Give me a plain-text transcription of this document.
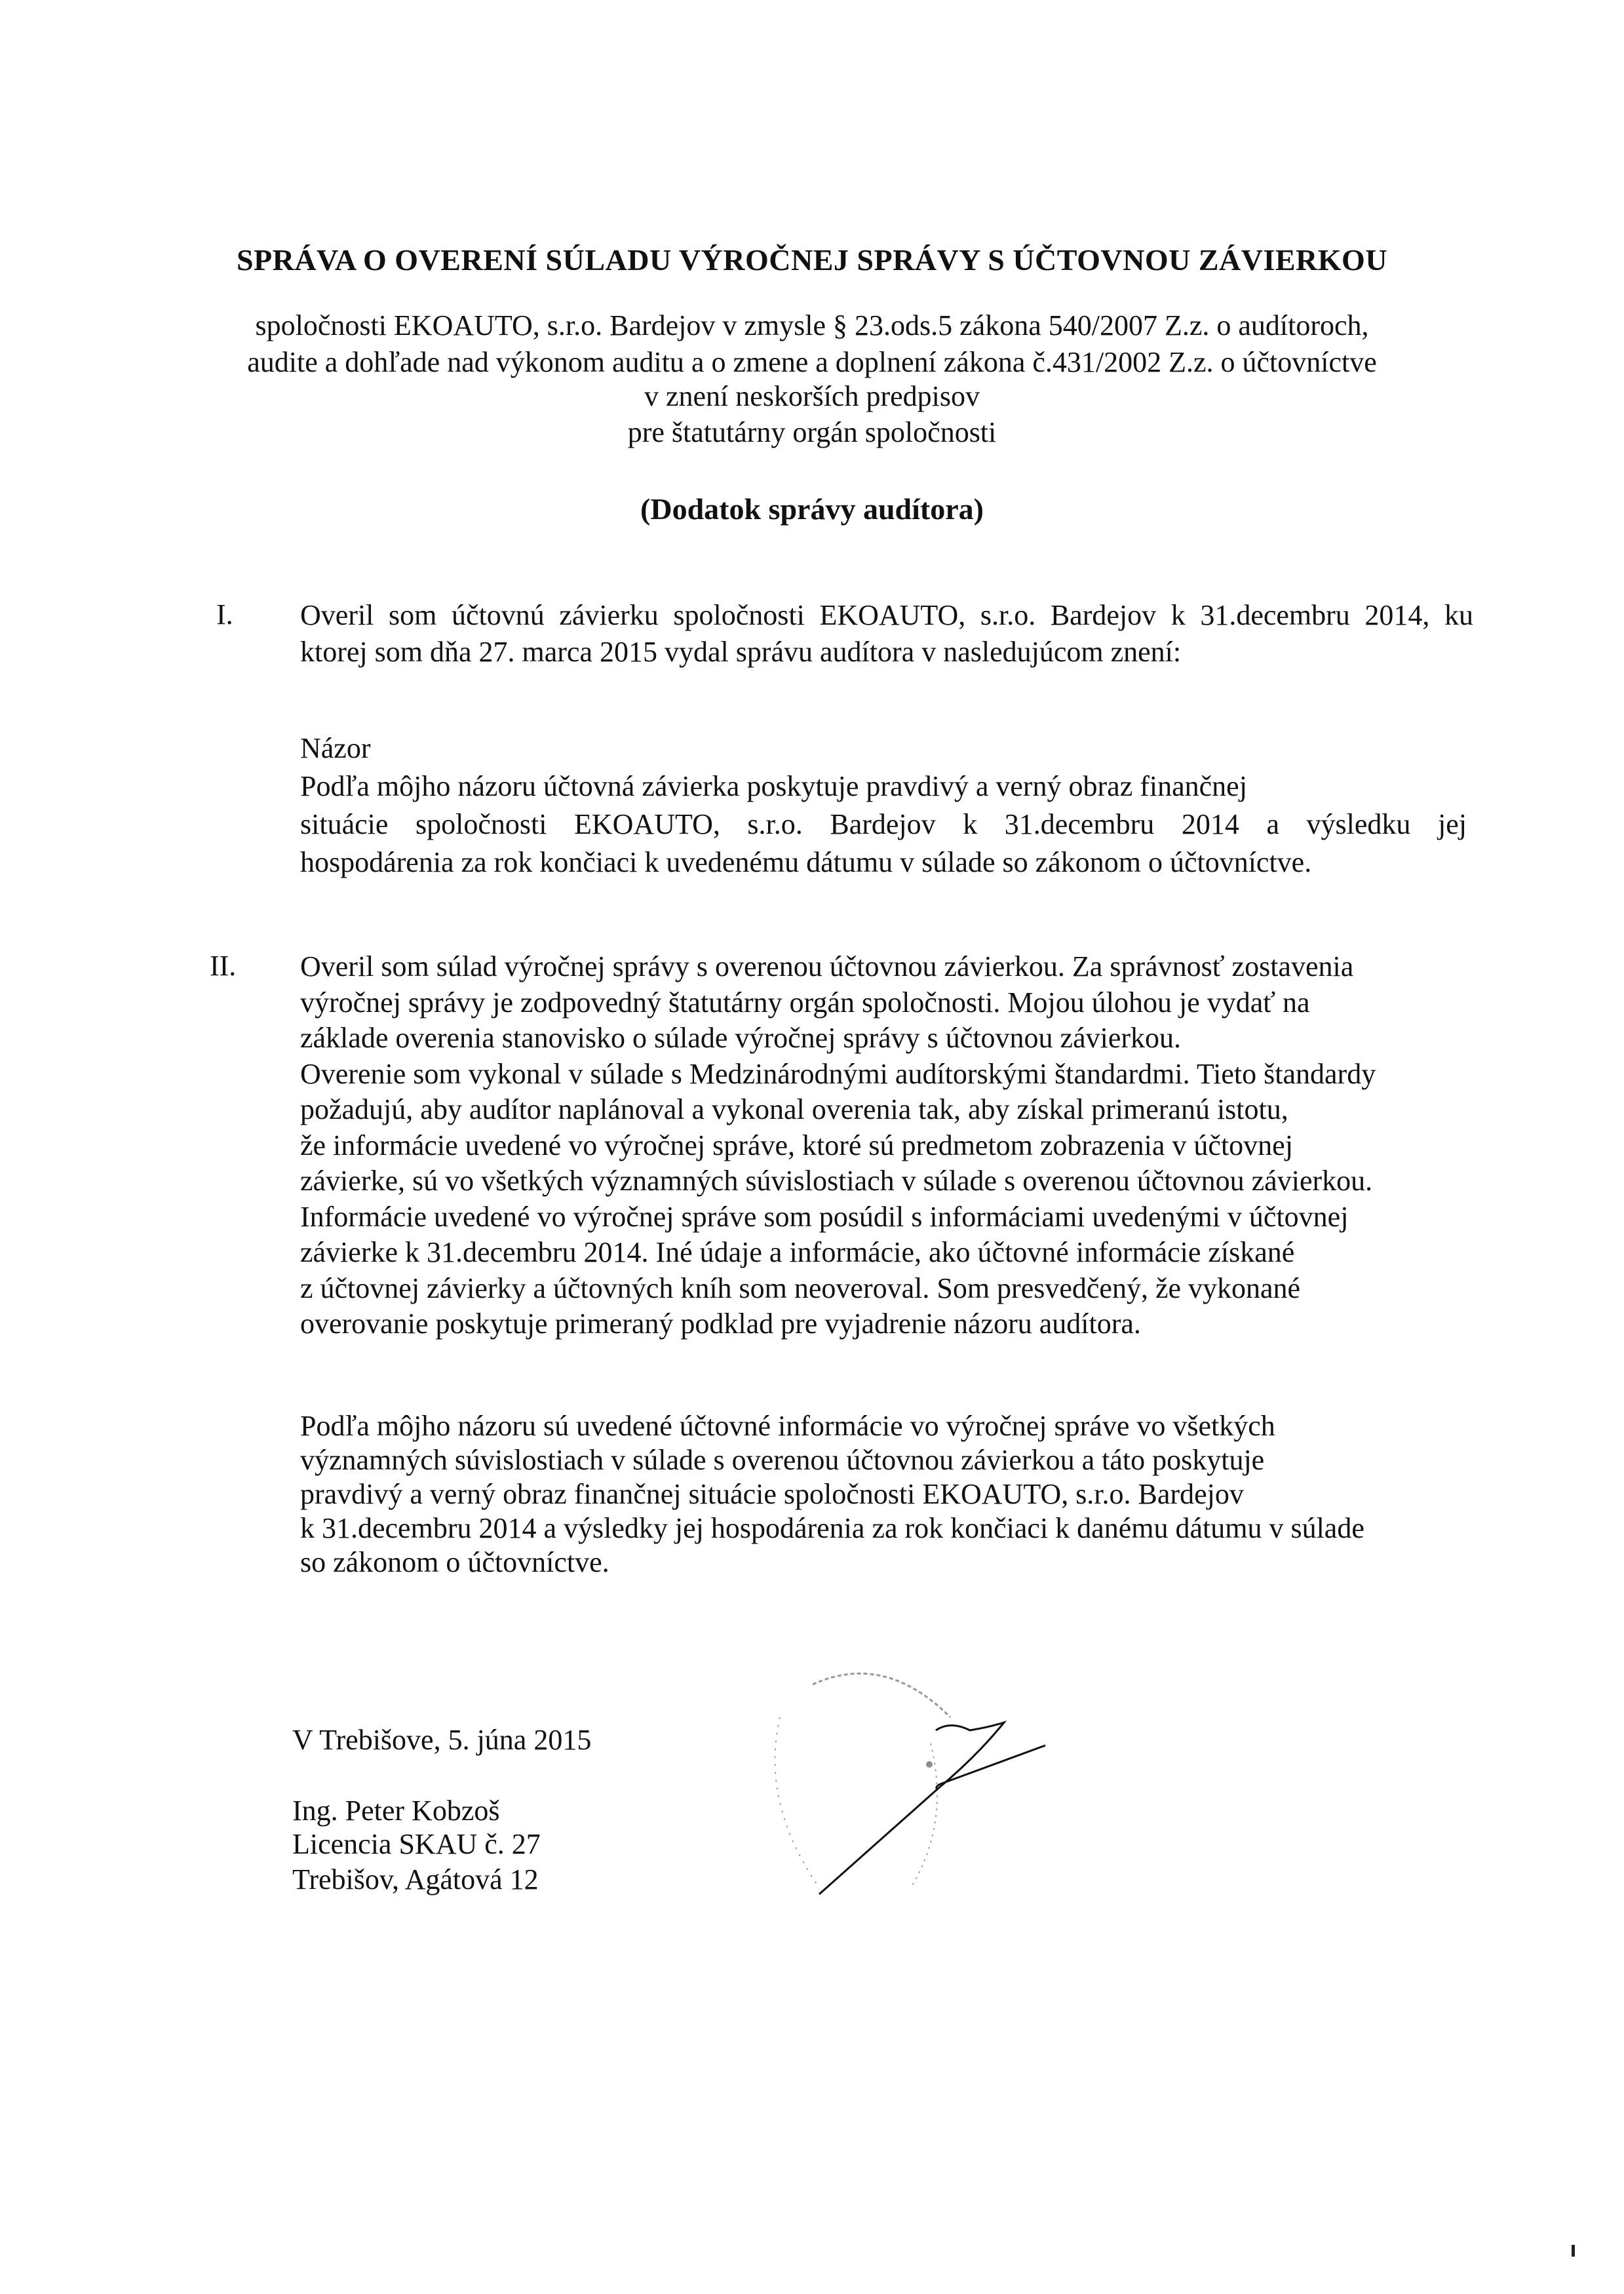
SPRÁVA O OVERENÍ SÚLADU VÝROČNEJ SPRÁVY S ÚČTOVNOU ZÁVIERKOU
spoločnosti EKOAUTO, s.r.o. Bardejov v zmysle § 23.ods.5 zákona 540/2007 Z.z. o audítoroch,
audite a dohľade nad výkonom auditu a o zmene a doplnení zákona č.431/2002 Z.z. o účtovníctve
v znení neskorších predpisov
pre štatutárny orgán spoločnosti
(Dodatok správy audítora)
I. Overil som účtovnú závierku spoločnosti EKOAUTO, s.r.o. Bardejov k 31.decembru 2014, ku
ktorej som dňa 27. marca 2015 vydal správu audítora v nasledujúcom znení:
Názor
Podľa môjho názoru účtovná závierka poskytuje pravdivý a verný obraz finančnej
situácie spoločnosti EKOAUTO, s.r.o. Bardejov k 31.decembru 2014 a výsledku jej
hospodárenia za rok končiaci k uvedenému dátumu v súlade so zákonom o účtovníctve.
II. Overil som súlad výročnej správy s overenou účtovnou závierkou. Za správnosť zostavenia
výročnej správy je zodpovedný štatutárny orgán spoločnosti. Mojou úlohou je vydať na
základe overenia stanovisko o súlade výročnej správy s účtovnou závierkou.
Overenie som vykonal v súlade s Medzinárodnými audítorskými štandardmi. Tieto štandardy
požadujú, aby audítor naplánoval a vykonal overenia tak, aby získal primeranú istotu,
že informácie uvedené vo výročnej správe, ktoré sú predmetom zobrazenia v účtovnej
závierke, sú vo všetkých významných súvislostiach v súlade s overenou účtovnou závierkou.
Informácie uvedené vo výročnej správe som posúdil s informáciami uvedenými v účtovnej
závierke k 31.decembru 2014. Iné údaje a informácie, ako účtovné informácie získané
z účtovnej závierky a účtovných kníh som neoveroval. Som presvedčený, že vykonané
overovanie poskytuje primeraný podklad pre vyjadrenie názoru audítora.
Podľa môjho názoru sú uvedené účtovné informácie vo výročnej správe vo všetkých
významných súvislostiach v súlade s overenou účtovnou závierkou a táto poskytuje
pravdivý a verný obraz finančnej situácie spoločnosti EKOAUTO, s.r.o. Bardejov
k 31.decembru 2014 a výsledky jej hospodárenia za rok končiaci k danému dátumu v súlade
so zákonom o účtovníctve.
V Trebišove, 5. júna 2015
Ing. Peter Kobzoš
Licencia SKAU č. 27
Trebišov, Agátová 12
